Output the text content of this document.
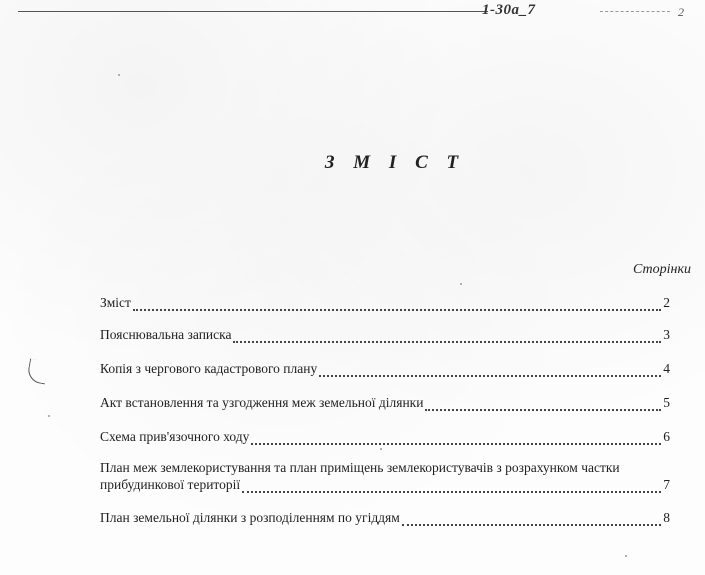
1-30a_7	2
З М І С Т
Сторінки
Зміст	2
Пояснювальна записка	3
Копія з чергового кадастрового плану	4
Акт встановлення та узгодження меж земельної ділянки	5
Схема прив'язочного ходу	6
План меж землекористування та план приміщень землекористувачів з розрахунком частки
прибудинкової території	7
План земельної ділянки з розподіленням по угіддям	8
